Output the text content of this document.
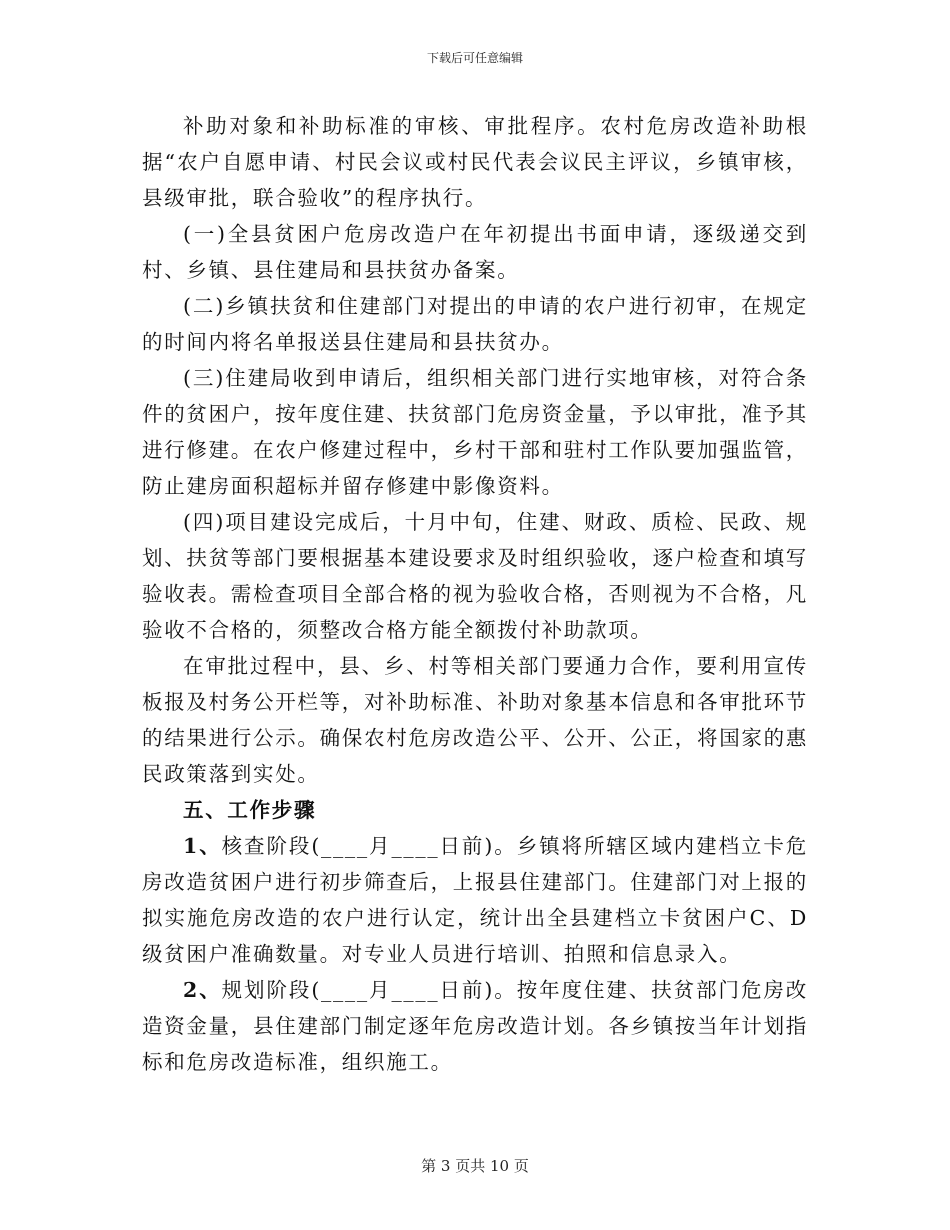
下载后可任意编辑

补助对象和补助标准的审核、审批程序。农村危房改造补助根据“农户自愿申请、村民会议或村民代表会议民主评议，乡镇审核，县级审批，联合验收”的程序执行。

(一)全县贫困户危房改造户在年初提出书面申请，逐级递交到村、乡镇、县住建局和县扶贫办备案。

(二)乡镇扶贫和住建部门对提出的申请的农户进行初审，在规定的时间内将名单报送县住建局和县扶贫办。

(三)住建局收到申请后，组织相关部门进行实地审核，对符合条件的贫困户，按年度住建、扶贫部门危房资金量，予以审批，准予其进行修建。在农户修建过程中，乡村干部和驻村工作队要加强监管，防止建房面积超标并留存修建中影像资料。

(四)项目建设完成后，十月中旬，住建、财政、质检、民政、规划、扶贫等部门要根据基本建设要求及时组织验收，逐户检查和填写验收表。需检查项目全部合格的视为验收合格，否则视为不合格，凡验收不合格的，须整改合格方能全额拨付补助款项。

在审批过程中，县、乡、村等相关部门要通力合作，要利用宣传板报及村务公开栏等，对补助标准、补助对象基本信息和各审批环节的结果进行公示。确保农村危房改造公平、公开、公正，将国家的惠民政策落到实处。

五、工作步骤

1、核查阶段(____月____日前)。乡镇将所辖区域内建档立卡危房改造贫困户进行初步筛查后，上报县住建部门。住建部门对上报的拟实施危房改造的农户进行认定，统计出全县建档立卡贫困户C、D级贫困户准确数量。对专业人员进行培训、拍照和信息录入。

2、规划阶段(____月____日前)。按年度住建、扶贫部门危房改造资金量，县住建部门制定逐年危房改造计划。各乡镇按当年计划指标和危房改造标准，组织施工。

第 3 页共 10 页
